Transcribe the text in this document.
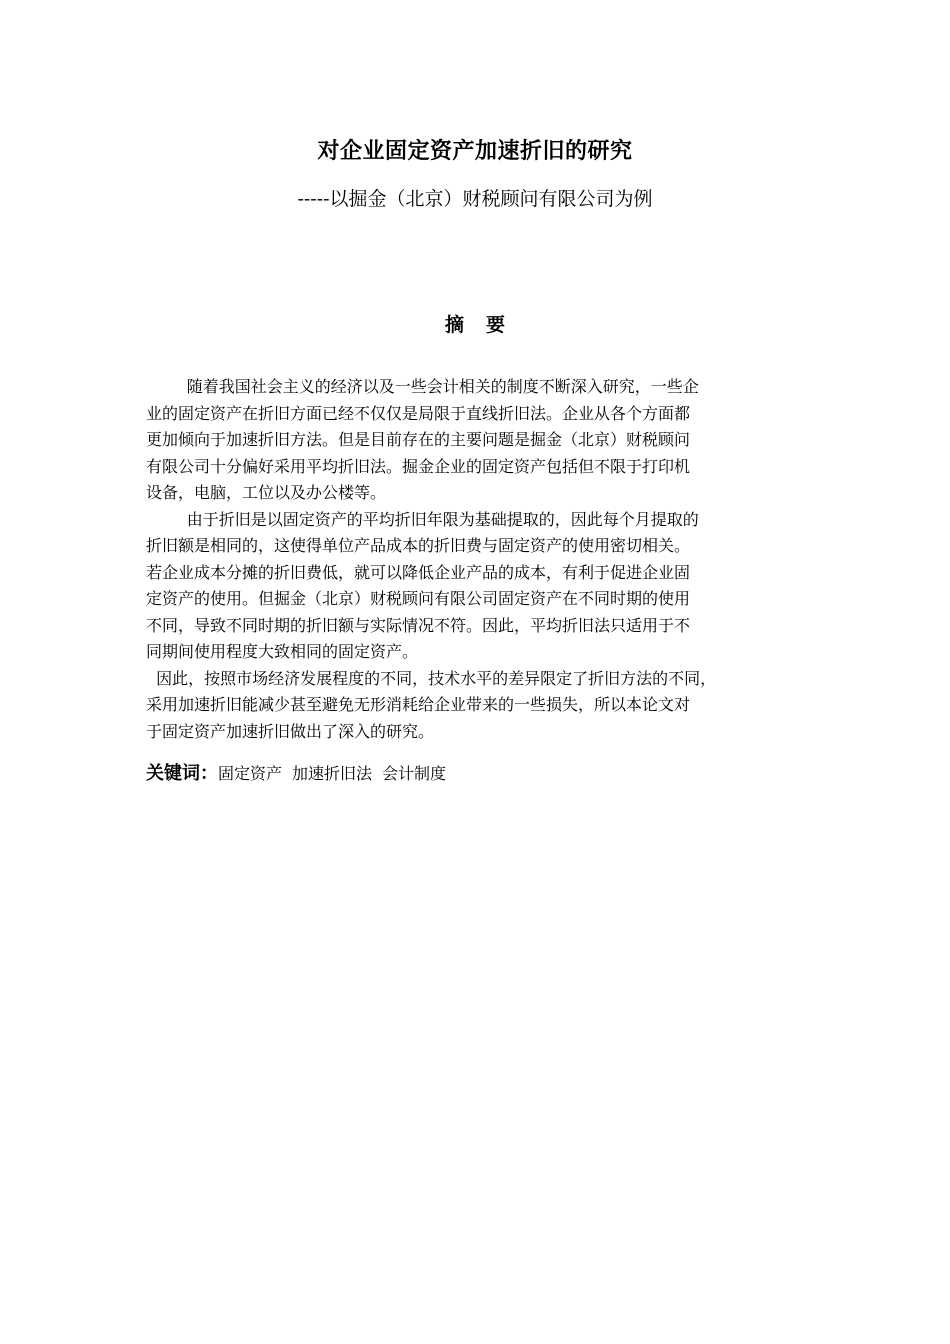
对企业固定资产加速折旧的研究
-----以掘金（北京）财税顾问有限公司为例
摘要

随着我国社会主义的经济以及一些会计相关的制度不断深入研究，一些企
业的固定资产在折旧方面已经不仅仅是局限于直线折旧法。企业从各个方面都
更加倾向于加速折旧方法。但是目前存在的主要问题是掘金（北京）财税顾问
有限公司十分偏好采用平均折旧法。掘金企业的固定资产包括但不限于打印机
设备，电脑，工位以及办公楼等。

由于折旧是以固定资产的平均折旧年限为基础提取的，因此每个月提取的
折旧额是相同的，这使得单位产品成本的折旧费与固定资产的使用密切相关。
若企业成本分摊的折旧费低，就可以降低企业产品的成本，有利于促进企业固
定资产的使用。但掘金（北京）财税顾问有限公司固定资产在不同时期的使用
不同，导致不同时期的折旧额与实际情况不符。因此，平均折旧法只适用于不
同期间使用程度大致相同的固定资产。

因此，按照市场经济发展程度的不同，技术水平的差异限定了折旧方法的不同，
采用加速折旧能减少甚至避免无形消耗给企业带来的一些损失，所以本论文对
于固定资产加速折旧做出了深入的研究。

关键词：固定资产 加速折旧法 会计制度
